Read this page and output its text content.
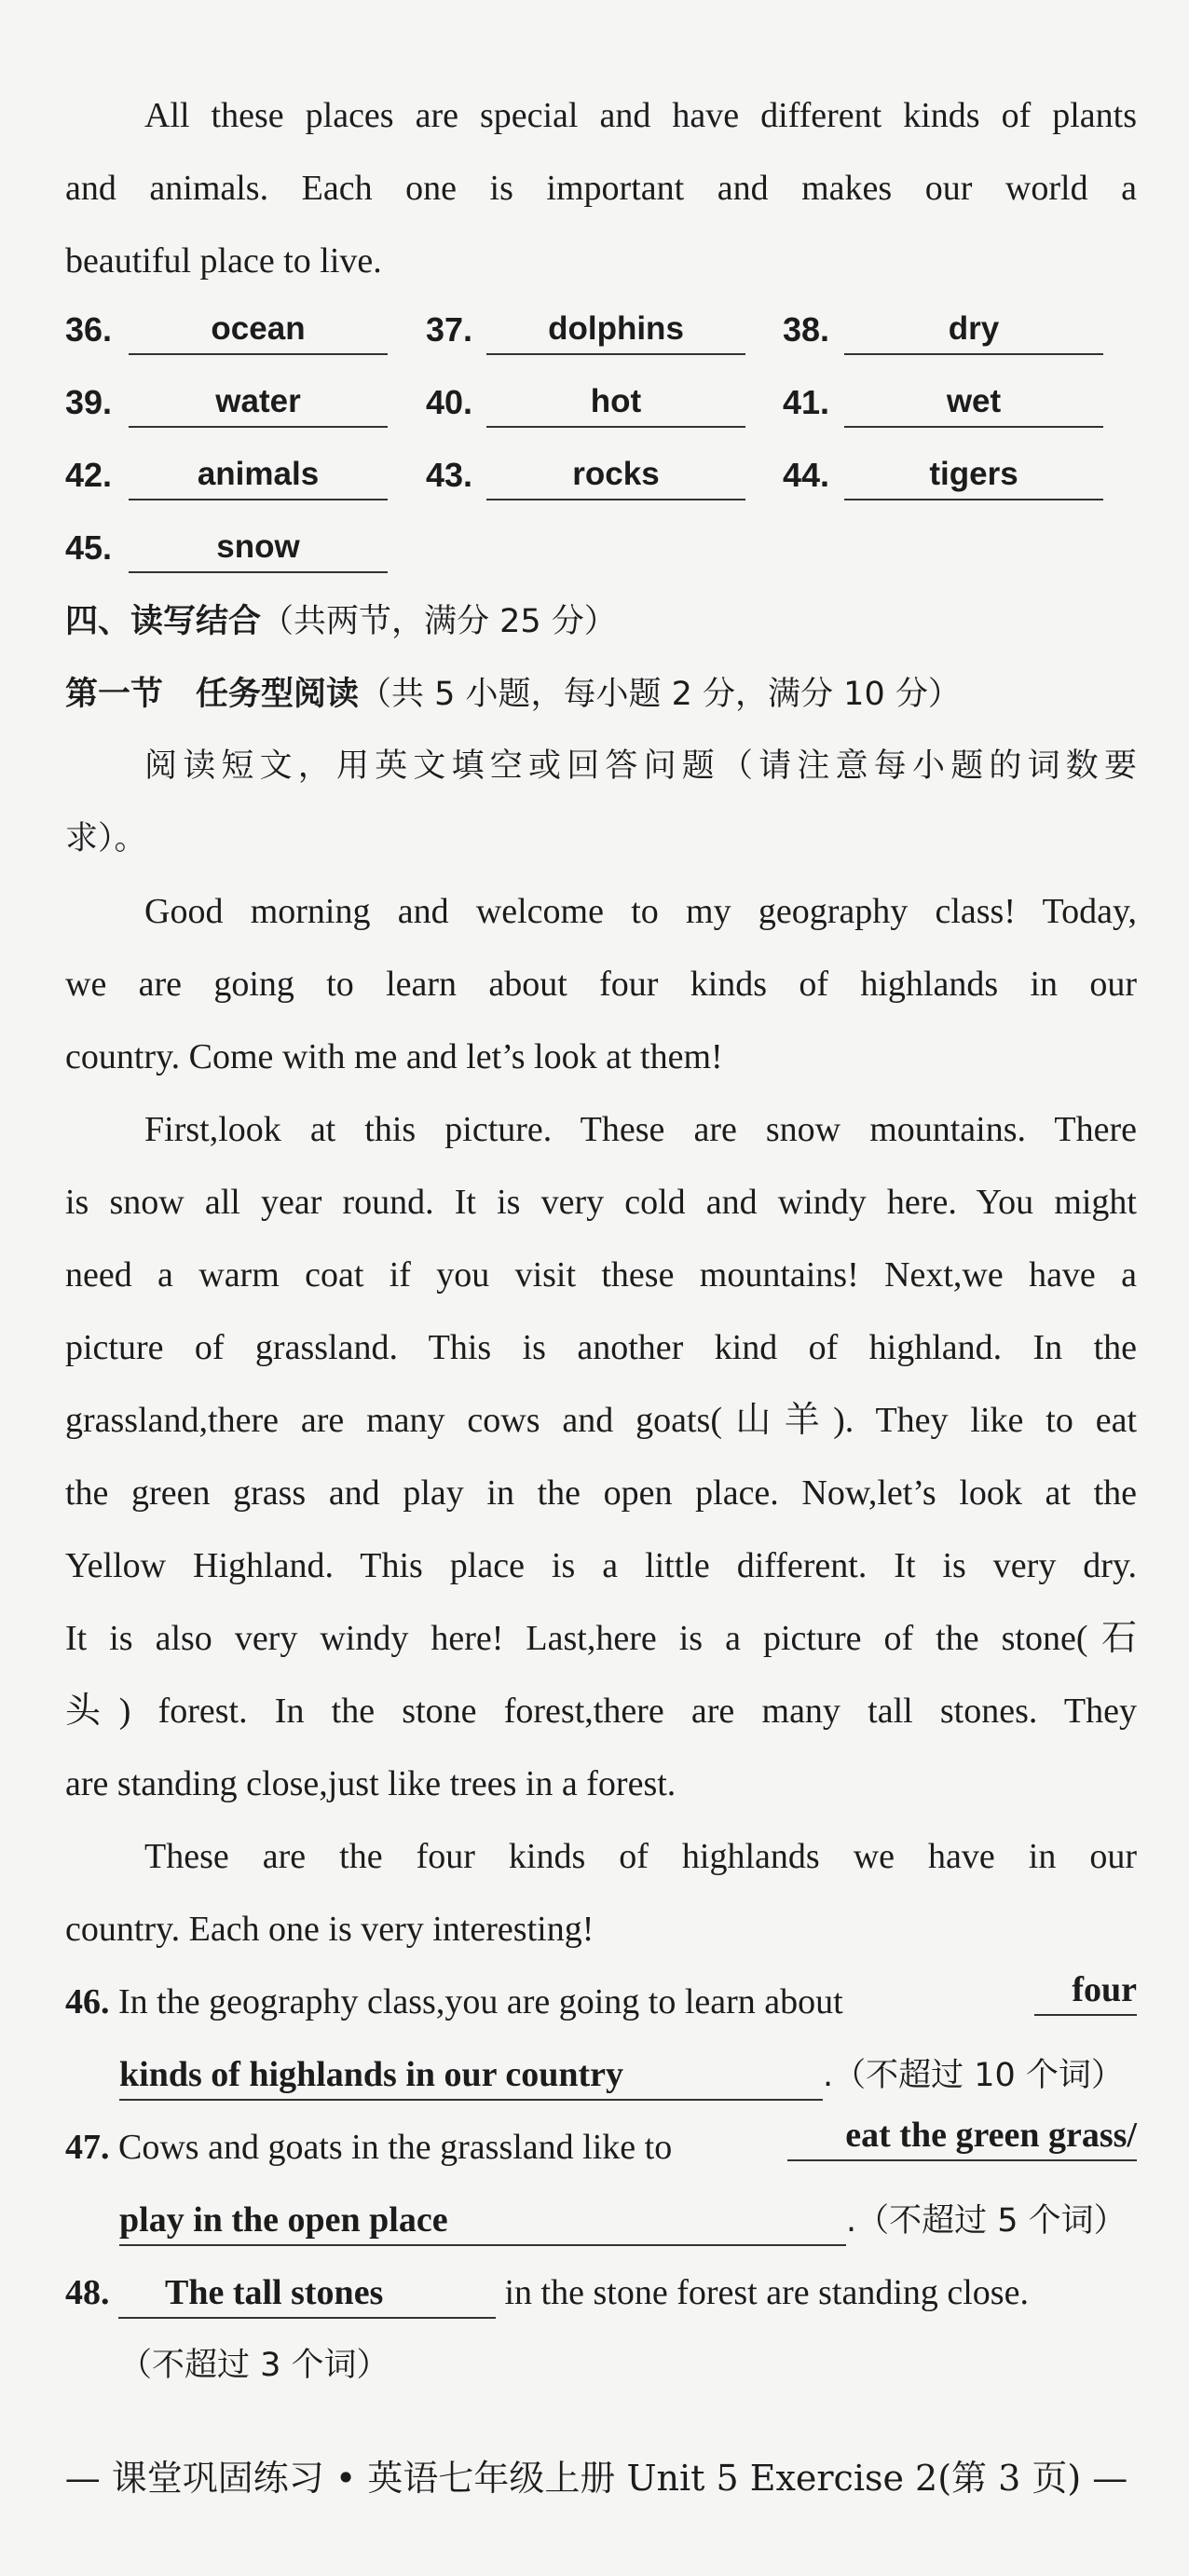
All these places are special and have different kinds of plants
and animals. Each one is important and makes our world a
beautiful place to live.
36.	ocean	37.	dolphins	38.	dry
39.	water	40.	hot	41.	wet
42.	animals	43.	rocks	44.	tigers
45.	snow
四、读写结合（共两节，满分 25 分）
第一节　任务型阅读（共 5 小题，每小题 2 分，满分 10 分）
阅读短文，用英文填空或回答问题（请注意每小题的词数要
求）。
Good morning and welcome to my geography class! Today,
we are going to learn about four kinds of highlands in our
country. Come with me and let’s look at them!
First,look at this picture. These are snow mountains. There
is snow all year round. It is very cold and windy here. You might
need a warm coat if you visit these mountains! Next,we have a
picture of grassland. This is another kind of highland. In the
grassland,there are many cows and goats(山羊). They like to eat
the green grass and play in the open place. Now,let’s look at the
Yellow Highland. This place is a little different. It is very dry.
It is also very windy here! Last,here is a picture of the stone(石
头) forest. In the stone forest,there are many tall stones. They
are standing close,just like trees in a forest.
These are the four kinds of highlands we have in our
country. Each one is very interesting!
46. In the geography class,you are going to learn about	four
kinds of highlands in our country	.（不超过 10 个词）
47. Cows and goats in the grassland like to	eat the green grass/
play in the open place	.（不超过 5 个词）
48. The tall stones	in the stone forest are standing close.
（不超过 3 个词）
— 课堂巩固练习 • 英语七年级上册 Unit 5 Exercise 2(第 3 页) —
